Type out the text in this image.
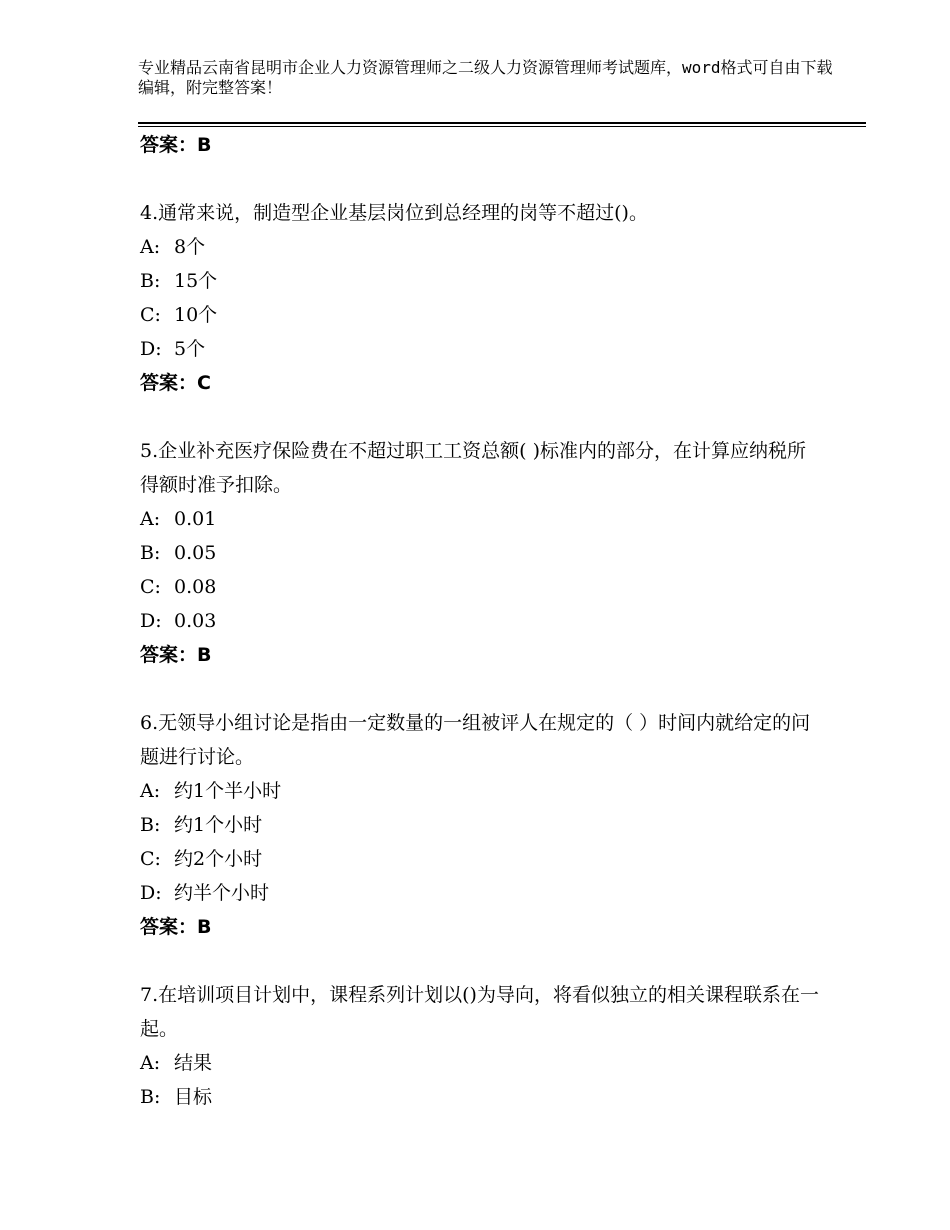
专业精品云南省昆明市企业人力资源管理师之二级人力资源管理师考试题库，word格式可自由下载编辑，附完整答案！
答案：B
4.通常来说，制造型企业基层岗位到总经理的岗等不超过()。
A: 8个
B: 15个
C: 10个
D: 5个
答案：C
5.企业补充医疗保险费在不超过职工工资总额( )标准内的部分，在计算应纳税所得额时准予扣除。
A: 0.01
B: 0.05
C: 0.08
D: 0.03
答案：B
6.无领导小组讨论是指由一定数量的一组被评人在规定的（ ）时间内就给定的问题进行讨论。
A: 约1个半小时
B: 约1个小时
C: 约2个小时
D: 约半个小时
答案：B
7.在培训项目计划中，课程系列计划以()为导向，将看似独立的相关课程联系在一起。
A: 结果
B: 目标
